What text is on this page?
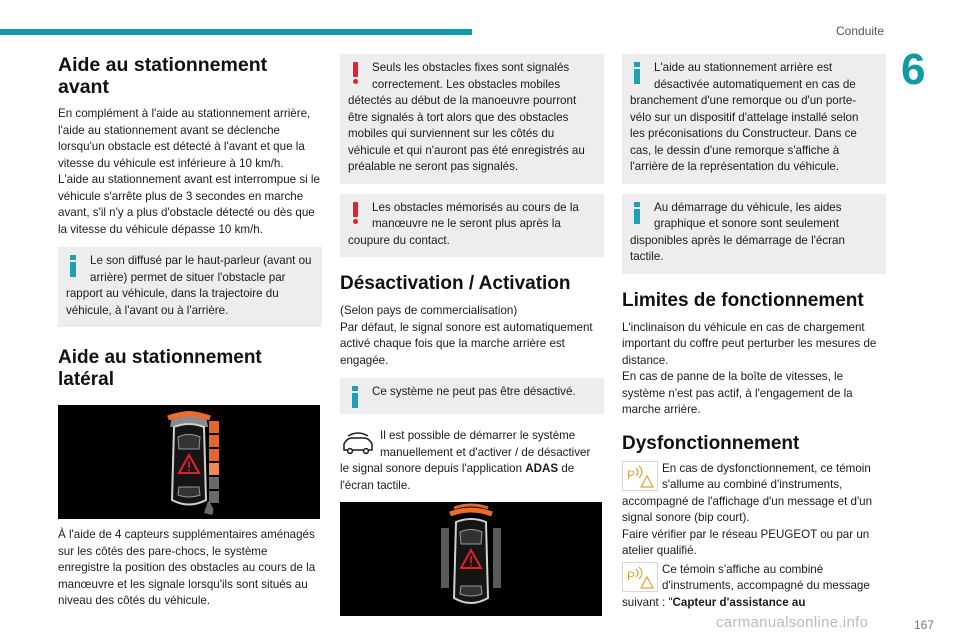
Conduite
6
Aide au stationnement avant

En complément à l'aide au stationnement arrière, l'aide au stationnement avant se déclenche lorsqu'un obstacle est détecté à l'avant et que la vitesse du véhicule est inférieure à 10 km/h.

L'aide au stationnement avant est interrompue si le véhicule s'arrête plus de 3 secondes en marche avant, s'il n'y a plus d'obstacle détecté ou dès que la vitesse du véhicule dépasse 10 km/h.

Le son diffusé par le haut-parleur (avant ou arrière) permet de situer l'obstacle par
rapport au véhicule, dans la trajectoire du véhicule, à l'avant ou à l'arrière.
Aide au stationnement latéral

À l'aide de 4 capteurs supplémentaires aménagés sur les côtés des pare-chocs, le système enregistre la position des obstacles au cours de la manœuvre et les signale lorsqu'ils sont situés au niveau des côtés du véhicule.

Seuls les obstacles fixes sont signalés correctement. Les obstacles mobiles
détectés au début de la manoeuvre pourront être signalés à tort alors que des obstacles mobiles qui surviennent sur les côtés du véhicule et qui n'auront pas été enregistrés au préalable ne seront pas signalés.
Les obstacles mémorisés au cours de la manœuvre ne le seront plus après la
coupure du contact.
Désactivation / Activation

(Selon pays de commercialisation)

Par défaut, le signal sonore est automatiquement activé chaque fois que la marche arrière est engagée.

Ce système ne peut pas être désactivé.
Il est possible de démarrer le système manuellement et d'activer / de désactiver
le signal sonore depuis l'application ADAS de l'écran tactile.
L'aide au stationnement arrière est désactivée automatiquement en cas de
branchement d'une remorque ou d'un porte-vélo sur un dispositif d'attelage installé selon les préconisations du Constructeur. Dans ce cas, le dessin d'une remorque s'affiche à l'arrière de la représentation du véhicule.
Au démarrage du véhicule, les aides graphique et sonore sont seulement
disponibles après le démarrage de l'écran tactile.
Limites de fonctionnement

L'inclinaison du véhicule en cas de chargement important du coffre peut perturber les mesures de distance.

En cas de panne de la boîte de vitesses, le système n'est pas actif, à l'engagement de la marche arrière.

Dysfonctionnement
P	En cas de dysfonctionnement, ce témoin s'allume au combiné d'instruments,
accompagné de l'affichage d'un message et d'un signal sonore (bip court).

Faire vérifier par le réseau PEUGEOT ou par un atelier qualifié.

P	Ce témoin s'affiche au combiné d'instruments, accompagné du message
suivant : "Capteur d'assistance au
carmanualsonline.info	167
